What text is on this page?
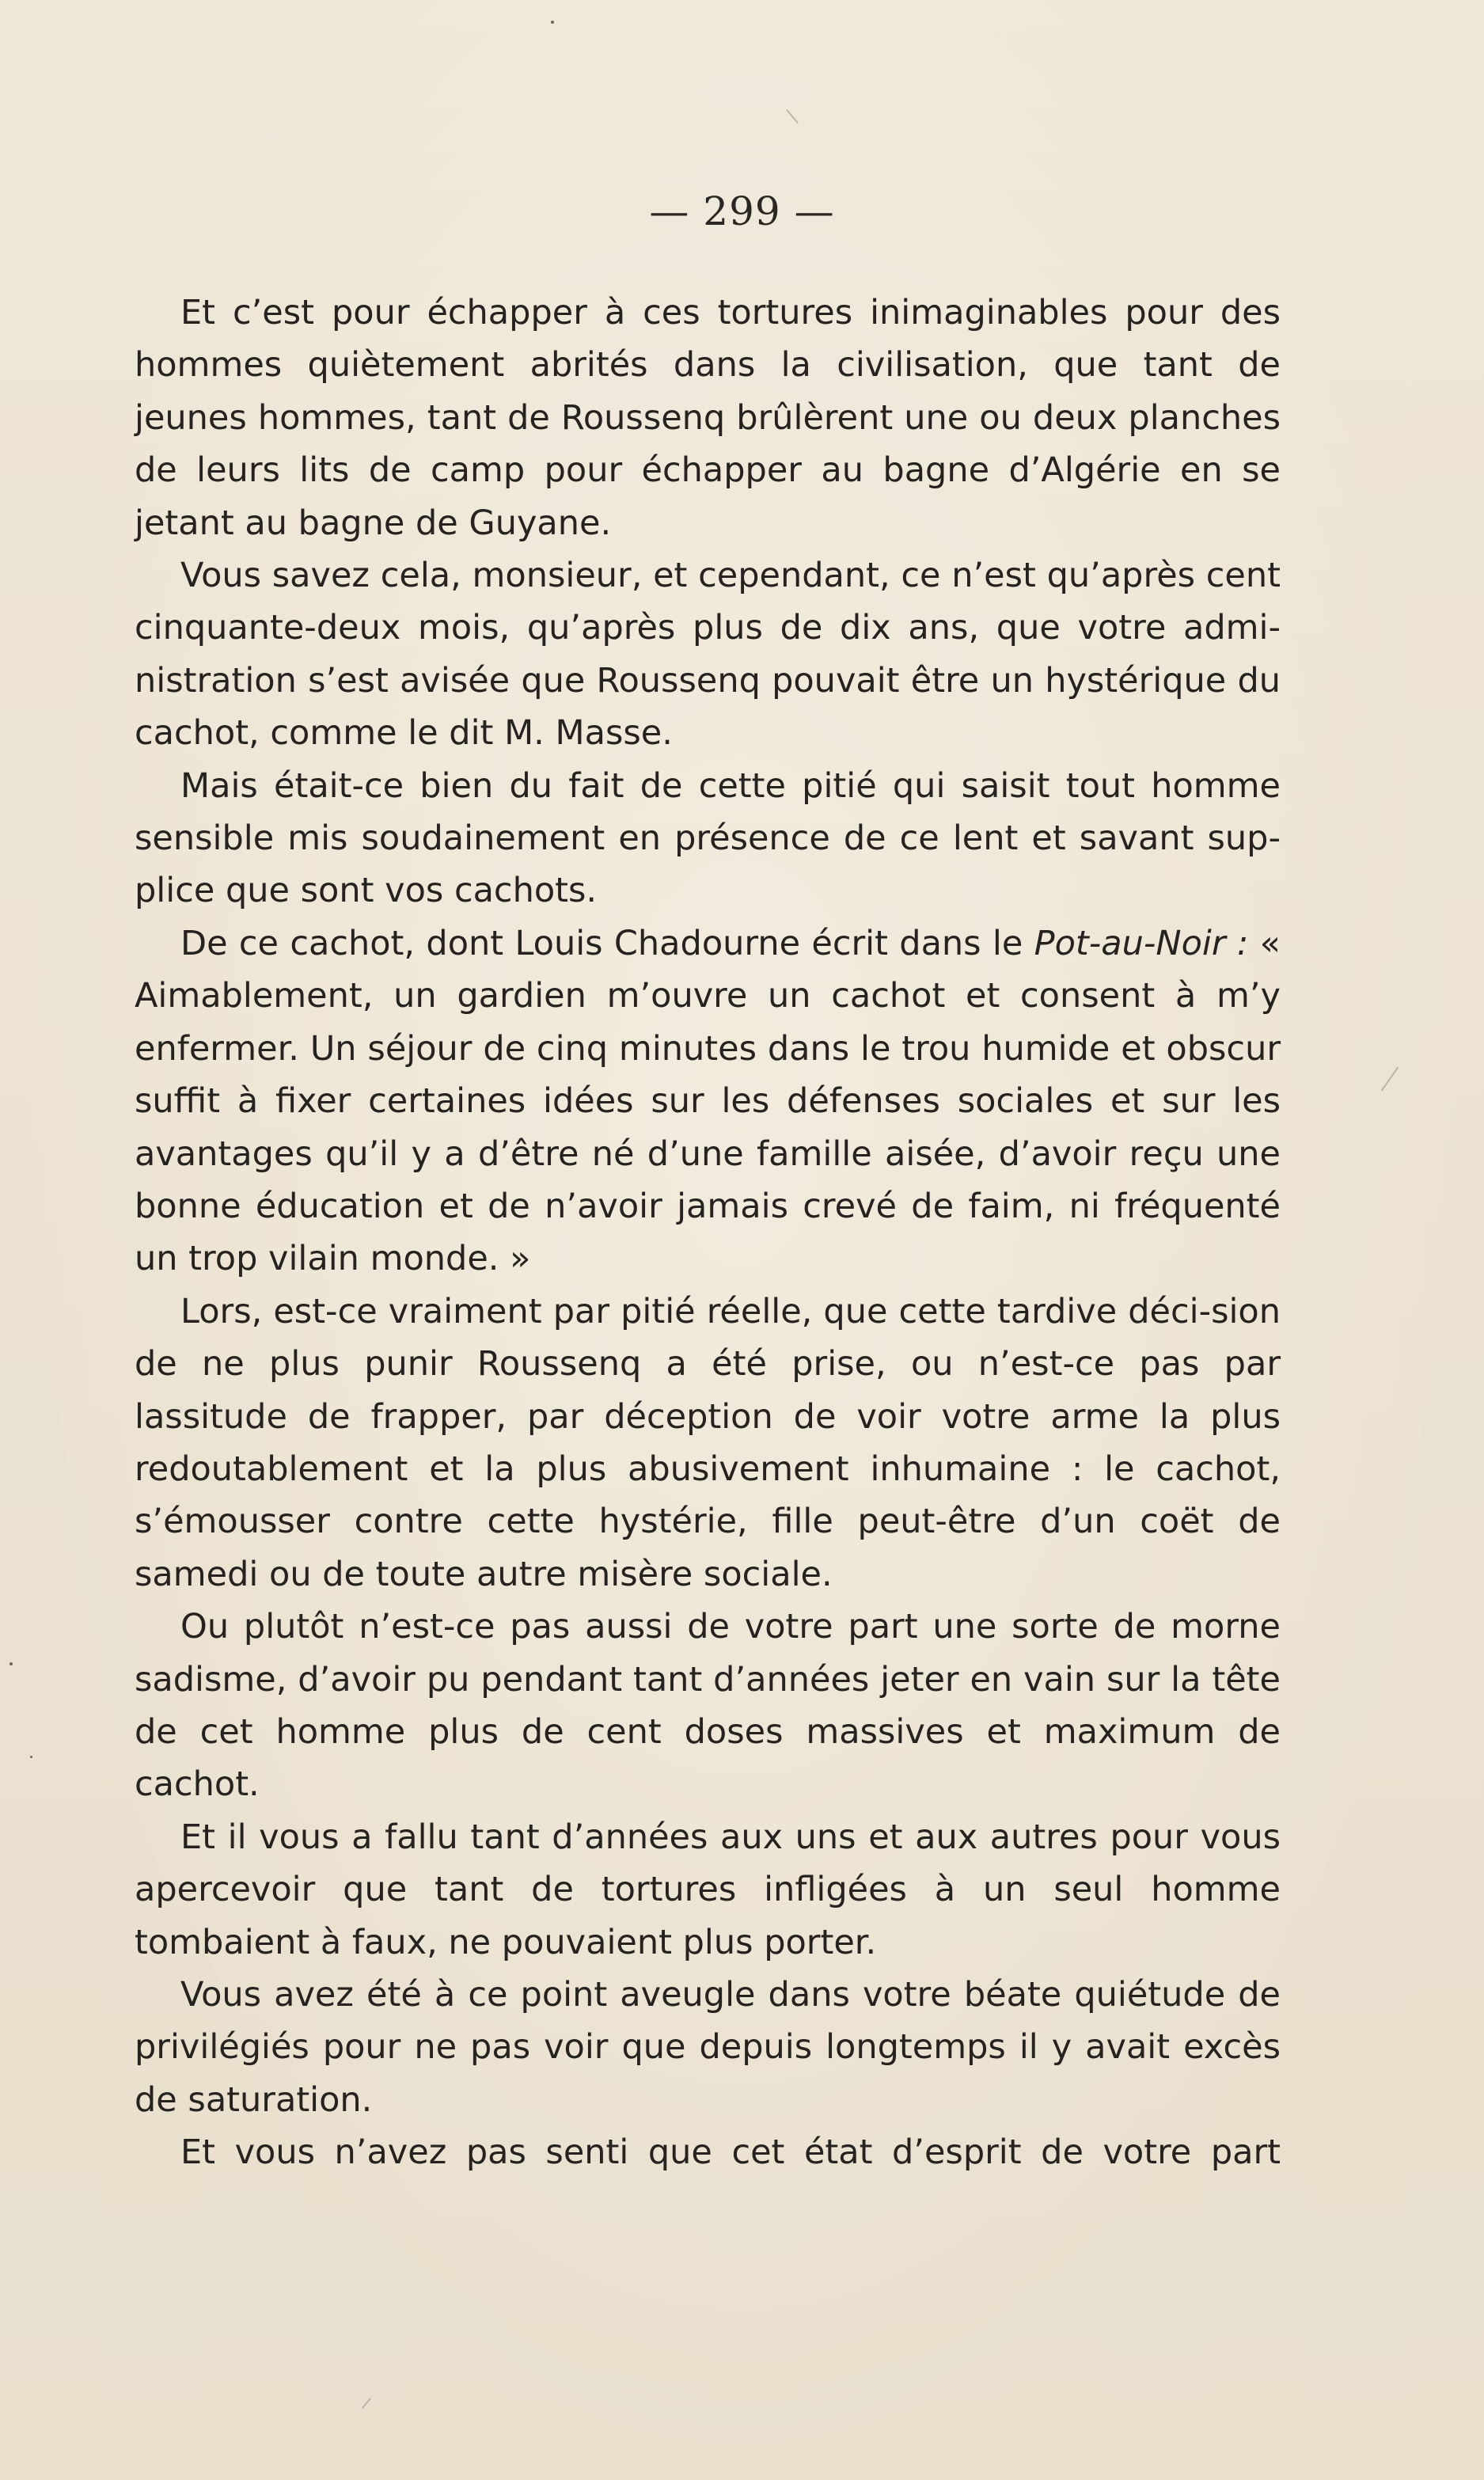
— 299 —

Et c’est pour échapper à ces tortures inimaginables pour des hommes quiètement abrités dans la civilisation, que tant de jeunes hommes, tant de Roussenq brûlèrent une ou deux planches de leurs lits de camp pour échapper au bagne d’Algérie en se jetant au bagne de Guyane.

Vous savez cela, monsieur, et cependant, ce n’est qu’après cent cinquante-deux mois, qu’après plus de dix ans, que votre admi-nistration s’est avisée que Roussenq pouvait être un hystérique du cachot, comme le dit M. Masse.

Mais était-ce bien du fait de cette pitié qui saisit tout homme sensible mis soudainement en présence de ce lent et savant sup-plice que sont vos cachots.

De ce cachot, dont Louis Chadourne écrit dans le Pot-au-Noir : « Aimablement, un gardien m’ouvre un cachot et consent à m’y enfermer. Un séjour de cinq minutes dans le trou humide et obscur suffit à fixer certaines idées sur les défenses sociales et sur les avantages qu’il y a d’être né d’une famille aisée, d’avoir reçu une bonne éducation et de n’avoir jamais crevé de faim, ni fréquenté un trop vilain monde. »

Lors, est-ce vraiment par pitié réelle, que cette tardive déci-sion de ne plus punir Roussenq a été prise, ou n’est-ce pas par lassitude de frapper, par déception de voir votre arme la plus redoutablement et la plus abusivement inhumaine : le cachot, s’émousser contre cette hystérie, fille peut-être d’un coët de samedi ou de toute autre misère sociale.

Ou plutôt n’est-ce pas aussi de votre part une sorte de morne sadisme, d’avoir pu pendant tant d’années jeter en vain sur la tête de cet homme plus de cent doses massives et maximum de cachot.

Et il vous a fallu tant d’années aux uns et aux autres pour vous apercevoir que tant de tortures infligées à un seul homme tombaient à faux, ne pouvaient plus porter.

Vous avez été à ce point aveugle dans votre béate quiétude de privilégiés pour ne pas voir que depuis longtemps il y avait excès de saturation.

Et vous n’avez pas senti que cet état d’esprit de votre part
